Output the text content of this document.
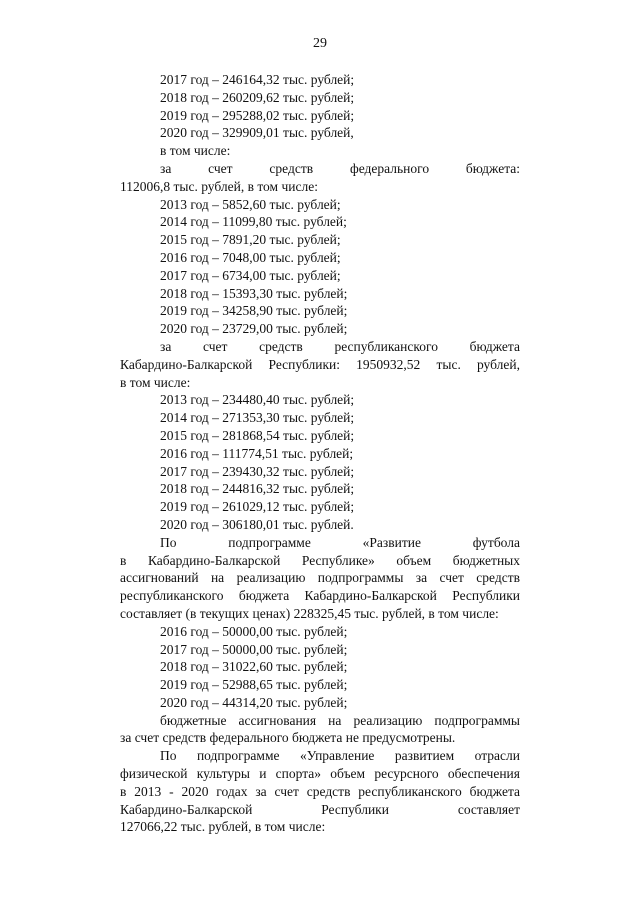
29
2017 год – 246164,32 тыс. рублей;
2018 год – 260209,62 тыс. рублей;
2019 год – 295288,02 тыс. рублей;
2020 год – 329909,01 тыс. рублей,
в том числе:
за счет средств федерального бюджета:
112006,8 тыс. рублей, в том числе:
2013 год – 5852,60 тыс. рублей;
2014 год – 11099,80 тыс. рублей;
2015 год – 7891,20 тыс. рублей;
2016 год – 7048,00 тыс. рублей;
2017 год – 6734,00 тыс. рублей;
2018 год – 15393,30 тыс. рублей;
2019 год – 34258,90 тыс. рублей;
2020 год – 23729,00 тыс. рублей;
за счет средств республиканского бюджета
Кабардино-Балкарской Республики: 1950932,52 тыс. рублей,
в том числе:
2013 год – 234480,40 тыс. рублей;
2014 год – 271353,30 тыс. рублей;
2015 год – 281868,54 тыс. рублей;
2016 год – 111774,51 тыс. рублей;
2017 год – 239430,32 тыс. рублей;
2018 год – 244816,32 тыс. рублей;
2019 год – 261029,12 тыс. рублей;
2020 год – 306180,01 тыс. рублей.
По подпрограмме «Развитие футбола
в Кабардино-Балкарской Республике» объем бюджетных
ассигнований на реализацию подпрограммы за счет средств
республиканского бюджета Кабардино-Балкарской Республики
составляет (в текущих ценах) 228325,45 тыс. рублей, в том числе:
2016 год – 50000,00 тыс. рублей;
2017 год – 50000,00 тыс. рублей;
2018 год – 31022,60 тыс. рублей;
2019 год – 52988,65 тыс. рублей;
2020 год – 44314,20 тыс. рублей;
бюджетные ассигнования на реализацию подпрограммы
за счет средств федерального бюджета не предусмотрены.
По подпрограмме «Управление развитием отрасли
физической культуры и спорта» объем ресурсного обеспечения
в 2013 - 2020 годах за счет средств республиканского бюджета
Кабардино-Балкарской Республики составляет
127066,22 тыс. рублей, в том числе:
